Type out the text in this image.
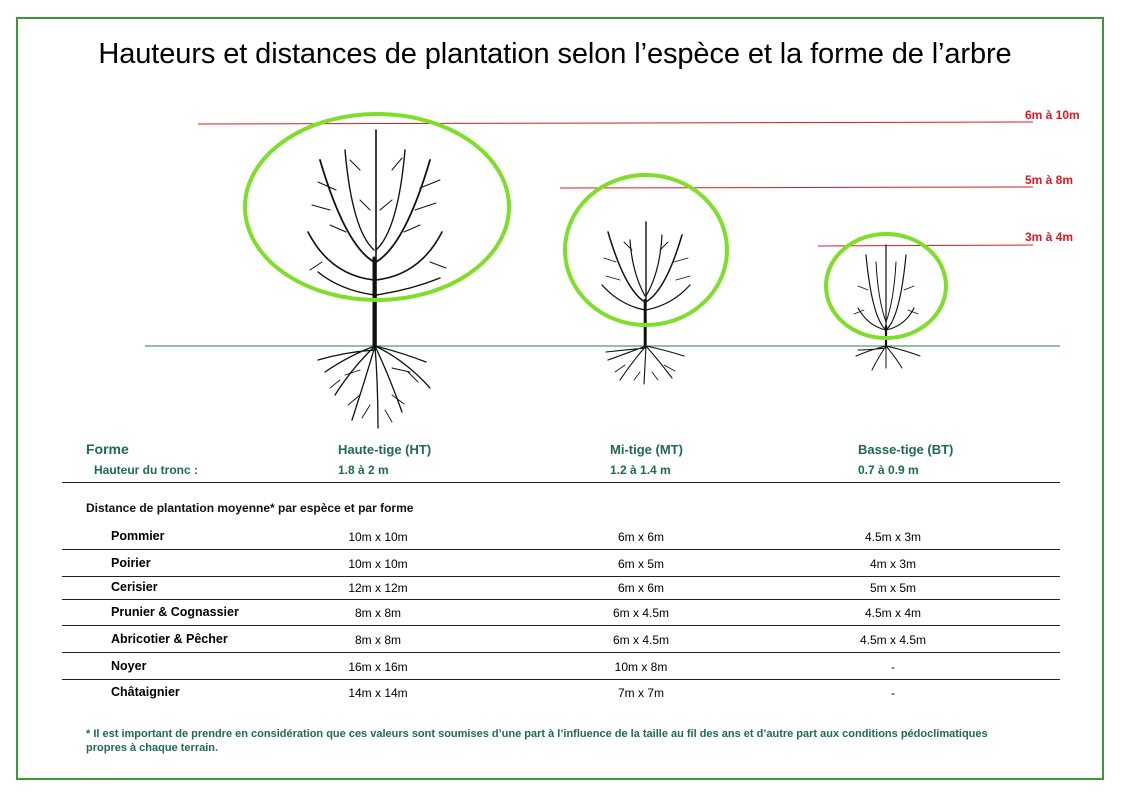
Hauteurs et distances de plantation selon l’espèce et la forme de l’arbre
6m à 10m
5m à 8m
3m à 4m
Forme	Haute-tige (HT)	Mi-tige (MT)	Basse-tige (BT)
Hauteur du tronc :	1.8 à 2 m	1.2 à 1.4 m	0.7 à 0.9 m
Distance de plantation moyenne* par espèce et par forme
Pommier	10m x 10m	6m x 6m	4.5m x 3m
Poirier	10m x 10m	6m x 5m	4m x 3m
Cerisier	12m x 12m	6m x 6m	5m x 5m
Prunier & Cognassier	8m x 8m	6m x 4.5m	4.5m x 4m
Abricotier & Pêcher	8m x 8m	6m x 4.5m	4.5m x 4.5m
Noyer	16m x 16m	10m x 8m	-
Châtaignier	14m x 14m	7m x 7m	-
* Il est important de prendre en considération que ces valeurs sont soumises d’une part à l’influence de la taille au fil des ans et d’autre part aux conditions pédoclimatiques propres à chaque terrain.
